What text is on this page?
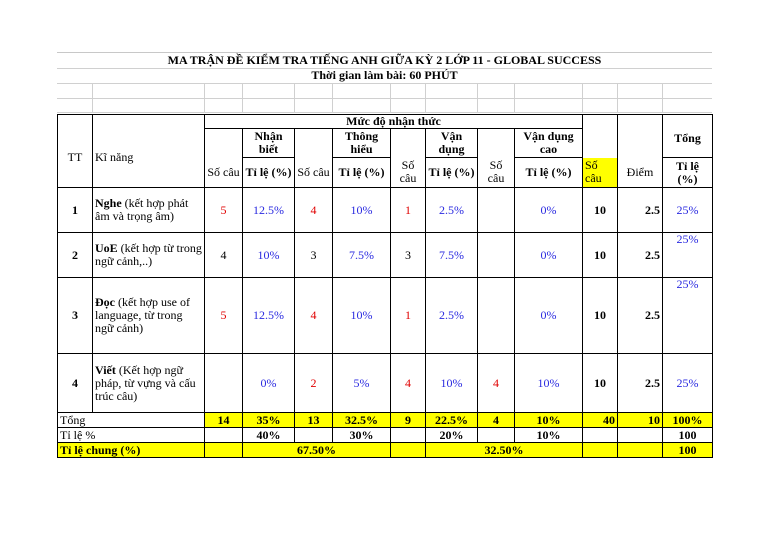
MA TRẬN ĐỀ KIỂM TRA TIẾNG ANH GIỮA KỲ 2 LỚP 11 - GLOBAL SUCCESS
Thời gian làm bài: 60 PHÚT
		Mức độ nhận thức										
TT	Kĩ năng		Nhận biết		Thông hiểu		Vận dụng		Vận dụng cao			Tổng
		Số câu	Tỉ lệ (%)	Số câu	Tỉ lệ (%)	Số câu	Tỉ lệ (%)	Số câu	Tỉ lệ (%)	Số câu	Điểm	Tỉ lệ (%)
1	Nghe (kết hợp phát âm và trọng âm)	5	12.5%	4	10%	1	2.5%		0%	10	2.5	25%
2	UoE (kết hợp từ trong ngữ cảnh,..)	4	10%	3	7.5%	3	7.5%		0%	10	2.5	25%
3	Đọc (kết hợp use of language, từ trong ngữ cảnh)	5	12.5%	4	10%	1	2.5%		0%	10	2.5	25%
4	Viết (Kết hợp ngữ pháp, từ vựng và cấu trúc câu)		0%	2	5%	4	10%	4	10%	10	2.5	25%
Tổng		14	35%	13	32.5%	9	22.5%	4	10%	40	10	100%
Tỉ lệ %			40%		30%		20%		10%			100
Tỉ lệ chung (%)			67.50%				32.50%					100
